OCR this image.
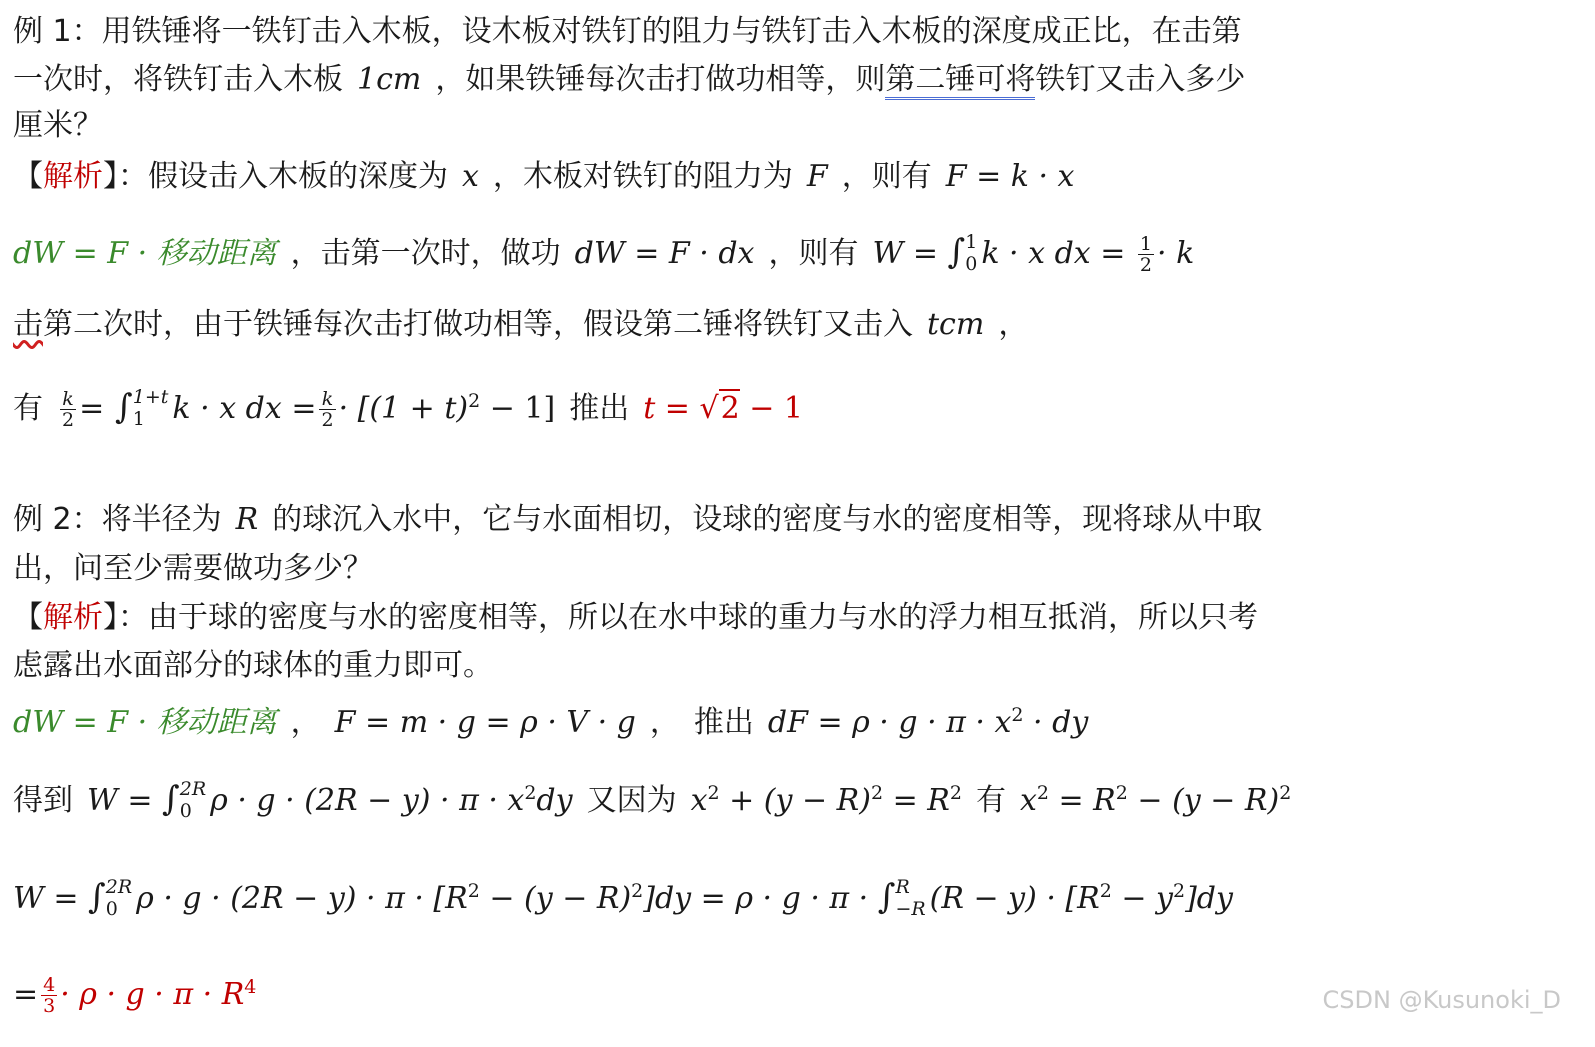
例 1：用铁锤将一铁钉击入木板，设木板对铁钉的阻力与铁钉击入木板的深度成正比，在击第
一次时，将铁钉击入木板 1cm ，如果铁锤每次击打做功相等，则第二锤可将铁钉又击入多少
厘米？
【解析】：假设击入木板的深度为 x ，木板对铁钉的阻力为 F ，则有 F = k · x
dW = F · 移动距离 ，击第一次时，做功 dW = F · dx ，则有 W = ∫ 1
0 k · x dx = $\frac{1}{2} \cdot k$
击第二次时，由于铁锤每次击打做功相等，假设第二锤将铁钉又击入 tcm ，
有 $\frac{k}{2}$ = ∫ 1+t
1 k · x dx = $\frac{k}{2} \cdot [(1 + t)^2 - 1]$ 推出 t = √2 − 1
例 2：将半径为 R 的球沉入水中，它与水面相切，设球的密度与水的密度相等，现将球从中取
出，问至少需要做功多少？
【解析】：由于球的密度与水的密度相等，所以在水中球的重力与水的浮力相互抵消，所以只考
虑露出水面部分的球体的重力即可。
dW = F · 移动距离 ， F = m · g = ρ · V · g ， 推出 dF = $\rho \cdot g \cdot \pi \cdot x^2$ · dy
得到 W = ∫ 2R
0 $\rho \cdot g \cdot (2R - y) \cdot \pi \cdot x^2dy$ 又因为 $x^2 + (y - R)^2 = R^2$ 有 $x^2 = R^2 - (y - R)^2$
W = ∫ 2R
0 $\rho \cdot g \cdot (2R - y) \cdot \pi \cdot [R^2 - (y - R)^2]dy = \rho \cdot g \cdot \pi$ · ∫ R
−R $(R - y) \cdot [R^2 - y^2]dy$
= $\frac{4}{3} \cdot \rho \cdot g \cdot \pi \cdot R^4$	CSDN @Kusunoki_D
